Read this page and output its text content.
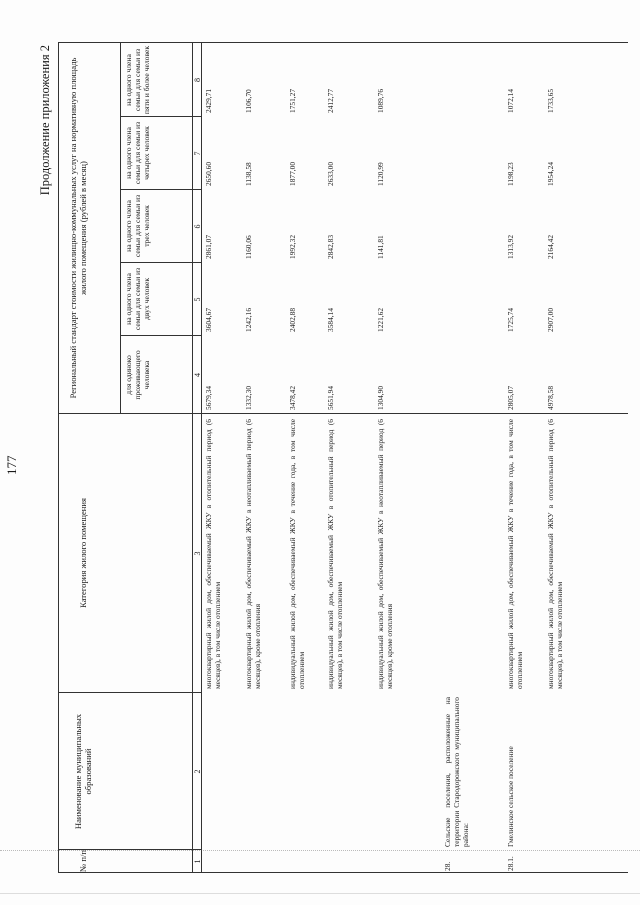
177
Продолжение приложения 2
№ п/п
Наименование муниципальных образований
Категория жилого помещения
Региональный стандарт стоимости жилищно-коммунальных услуг на нормативную площадь жилого помещения (рублей в месяц)
для одиноко проживающего человека
на одного члена семьи для семьи из двух человек
на одного члена семьи для семьи из трех человек
на одного члена семьи для семьи из четырех человек
на одного члена семьи для семьи из пяти и более человек
1
2
3
4
5
6
7
8
многоквартирный жилой дом, обеспечиваемый ЖКУ в отопительный период (6 месяцев), в том числе отоплением
5679,34
3604,67
2861,07
2650,60
2429,71
многоквартирный жилой дом, обеспечиваемый ЖКУ в неотапливаемый период (6 месяцев), кроме отопления
1332,30
1242,16
1160,06
1138,58
1106,70
индивидуальный жилой дом, обеспечиваемый ЖКУ в течение года, в том числе отоплением
3478,42
2402,88
1992,32
1877,00
1751,27
индивидуальный жилой дом, обеспечиваемый ЖКУ в отопительный период (6 месяцев), в том числе отоплением
5651,94
3584,14
2842,83
2633,00
2412,77
индивидуальный жилой дом, обеспечиваемый ЖКУ в неотапливаемый период (6 месяцев), кроме отопления
1304,90
1221,62
1141,81
1120,99
1089,76
28.
Сельские поселения, расположенные на территории Стародорожского муниципального района:
28.1.
Гмелинское сельское поселение
многоквартирный жилой дом, обеспечиваемый ЖКУ в течение года, в том числе отоплением
2805,07
1725,74
1313,92
1198,23
1072,14
многоквартирный жилой дом, обеспечиваемый ЖКУ в отопительный период (6 месяцев), в том числе отоплением
4978,58
2907,00
2164,42
1954,24
1733,65
